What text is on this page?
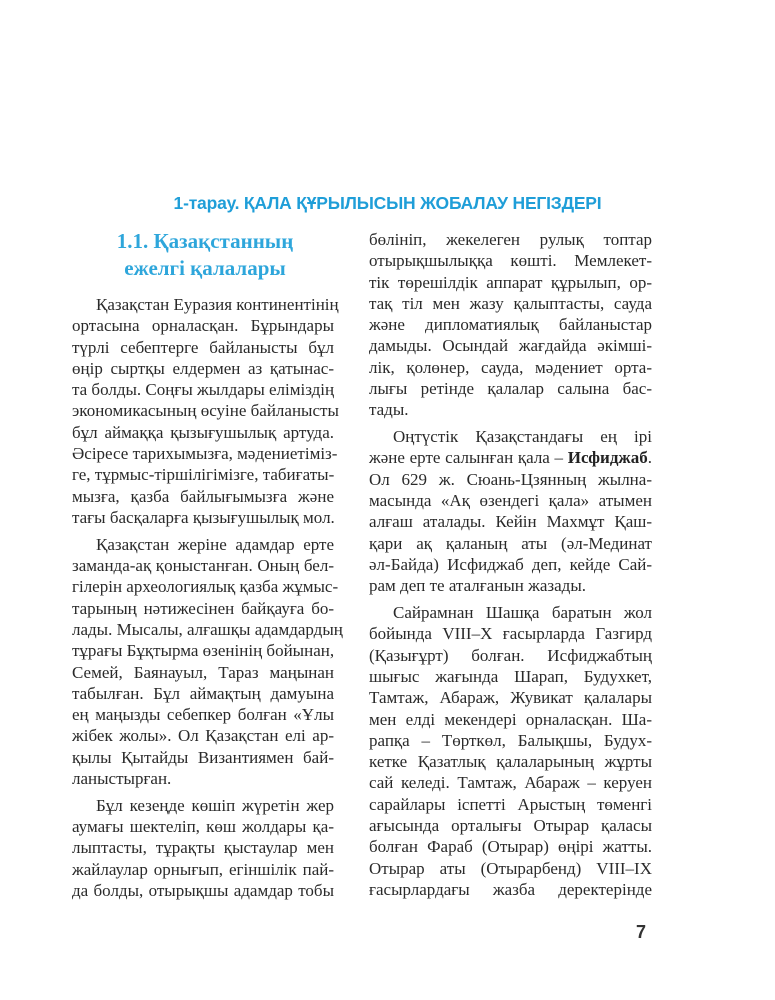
1-тарау. ҚАЛА ҚҰРЫЛЫСЫН ЖОБАЛАУ НЕГІЗДЕРІ
1.1. Қазақстанның
ежелгі қалалары
Қазақстан Еуразия континентінің
ортасына орналасқан. Бұрындары
түрлі себептерге байланысты бұл
өңір сыртқы елдермен аз қатынас-
та болды. Соңғы жылдары еліміздің
экономикасының өсуіне байланысты
бұл аймаққа қызығушылық артуда.
Әсіресе тарихымызға, мәдениетіміз-
ге, тұрмыс-тіршілігімізге, табиғаты-
мызға, қазба байлығымызға және
тағы басқаларға қызығушылық мол.
Қазақстан жеріне адамдар ерте
заманда-ақ қоныстанған. Оның бел-
гілерін археологиялық қазба жұмыс-
тарының нәтижесінен байқауға бо-
лады. Мысалы, алғашқы адамдардың
тұрағы Бұқтырма өзенінің бойынан,
Семей, Баянауыл, Тараз маңынан
табылған. Бұл аймақтың дамуына
ең маңызды себепкер болған «Ұлы
жібек жолы». Ол Қазақстан елі ар-
қылы Қытайды Византиямен бай-
ланыстырған.
Бұл кезеңде көшіп жүретін жер
аумағы шектеліп, көш жолдары қа-
лыптасты, тұрақты қыстаулар мен
жайлаулар орнығып, егіншілік пай-
да болды, отырықшы адамдар тобы
бөлініп, жекелеген рулық топтар
отырықшылыққа көшті. Мемлекет-
тік төрешілдік аппарат құрылып, ор-
тақ тіл мен жазу қалыптасты, сауда
және дипломатиялық байланыстар
дамыды. Осындай жағдайда әкімші-
лік, қолөнер, сауда, мәдениет орта-
лығы ретінде қалалар салына бас-
тады.
Оңтүстік Қазақстандағы ең ірі
және ерте салынған қала – Исфиджаб.
Ол 629 ж. Сюань-Цзянның жылна-
масында «Ақ өзендегі қала» атымен
алғаш аталады. Кейін Махмұт Қаш-
қари ақ қаланың аты (әл-Мединат
әл-Байда) Исфиджаб деп, кейде Сай-
рам деп те аталғанын жазады.
Сайрамнан Шашқа баратын жол
бойында VIII–X ғасырларда Газгирд
(Қазығұрт) болған. Исфиджабтың
шығыс жағында Шарап, Будухкет,
Тамтаж, Абараж, Жувикат қалалары
мен елді мекендері орналасқан. Ша-
рапқа – Төрткөл, Балықшы, Будух-
кетке Қазатлық қалаларының жұрты
сай келеді. Тамтаж, Абараж – керуен
сарайлары іспетті Арыстың төменгі
ағысында орталығы Отырар қаласы
болған Фараб (Отырар) өңірі жатты.
Отырар аты (Отырарбенд) VIII–IX
ғасырлардағы жазба деректерінде
7
